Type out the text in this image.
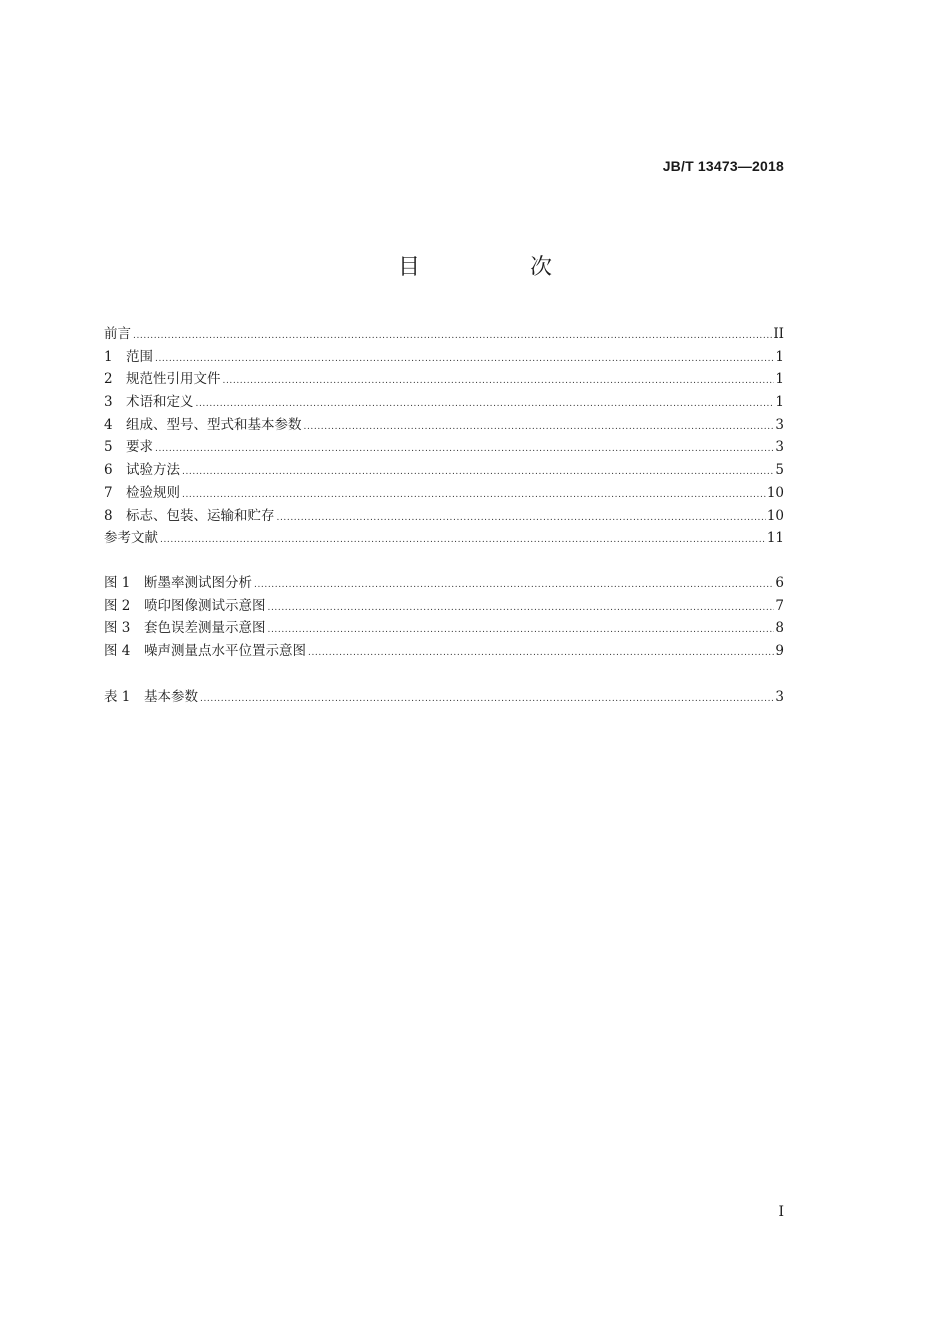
JB/T 13473—2018
目　次
前言 .....	II
1 范围 .....	1
2 规范性引用文件 .....	1
3 术语和定义 .....	1
4 组成、型号、型式和基本参数 .....	3
5 要求 .....	3
6 试验方法 .....	5
7 检验规则 .....	10
8 标志、包装、运输和贮存 .....	10
参考文献 .....	11
图 1	断墨率测试图分析 .....	6
图 2	喷印图像测试示意图 .....	7
图 3	套色误差测量示意图 .....	8
图 4	噪声测量点水平位置示意图 .....	9
表 1	基本参数 .....	3
I
